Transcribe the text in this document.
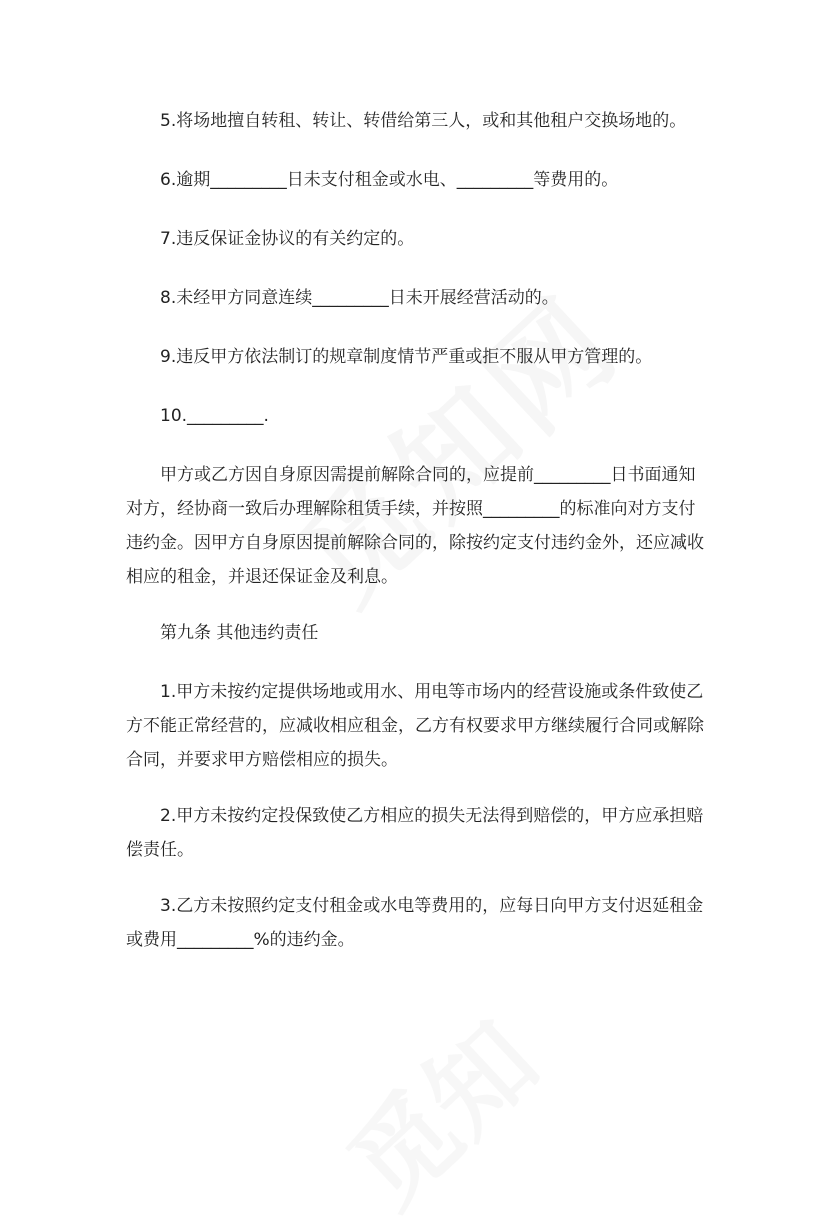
5.将场地擅自转租、转让、转借给第三人，或和其他租户交换场地的。

6.逾期_________日未支付租金或水电、_________等费用的。

7.违反保证金协议的有关约定的。

8.未经甲方同意连续_________日未开展经营活动的。

9.违反甲方依法制订的规章制度情节严重或拒不服从甲方管理的。

10._________.

甲方或乙方因自身原因需提前解除合同的，应提前_________日书面通知对方，经协商一致后办理解除租赁手续，并按照_________的标准向对方支付违约金。因甲方自身原因提前解除合同的，除按约定支付违约金外，还应减收相应的租金，并退还保证金及利息。

第九条 其他违约责任

1.甲方未按约定提供场地或用水、用电等市场内的经营设施或条件致使乙方不能正常经营的，应减收相应租金，乙方有权要求甲方继续履行合同或解除合同，并要求甲方赔偿相应的损失。

2.甲方未按约定投保致使乙方相应的损失无法得到赔偿的，甲方应承担赔偿责任。

3.乙方未按照约定支付租金或水电等费用的，应每日向甲方支付迟延租金或费用_________%的违约金。
